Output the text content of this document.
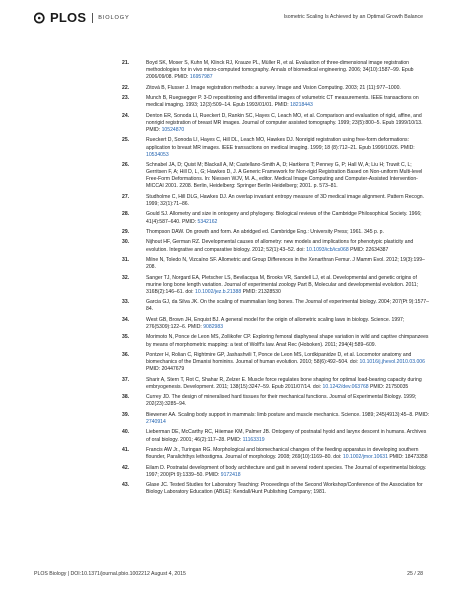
PLOS BIOLOGY	Isometric Scaling Is Achieved by an Optimal Growth Balance
21.	Boyd SK, Moser S, Kuhn M, Klinck RJ, Krauze PL, Müller R, et al. Evaluation of three-dimensional image registration methodologies for in vivo micro-computed tomography. Annals of biomedical engineering. 2006; 34(10):1587–99. Epub 2006/09/08. PMID: 16957987
22.	Zitová B, Flusser J. Image registration methods: a survey. Image and Vision Computing. 2003; 21 (11):977–1000.
23.	Munch B, Ruegsegger P. 3-D repositioning and differential images of volumetric CT measurements. IEEE transactions on medical imaging. 1993; 12(3):509–14. Epub 1993/01/01. PMID: 18218443
24.	Denton ER, Sonoda LI, Rueckert D, Rankin SC, Hayes C, Leach MO, et al. Comparison and evaluation of rigid, affine, and nonrigid registration of breast MR images. Journal of computer assisted tomography. 1999; 23(5):800–5. Epub 1999/10/13. PMID: 10524870
25.	Rueckert D, Sonoda LI, Hayes C, Hill DL, Leach MO, Hawkes DJ. Nonrigid registration using free-form deformations: application to breast MR images. IEEE transactions on medical imaging. 1999; 18 (8):712–21. Epub 1999/10/26. PMID: 10534053
26.	Schnabel JA, D; Quist M; Blackall A, M; Castellano-Smith A, D; Hartkens T; Penney G, P; Hall W, A; Liu H; Truwit C, L; Gerritsen F, A; Hill D, L, G; Hawkes D, J. A Generic Framework for Non-rigid Registration Based on Non-uniform Multi-level Free-Form Deformations. In: Niessen WJV, M. A., editor. Medical Image Computing and Computer-Assisted Intervention-MICCAI 2001. 2208. Berlin, Heidelberg: Springer Berlin Heidelberg; 2001. p. 573–81.
27.	Studholme C, Hill DLG, Hawkes DJ. An overlap invariant entropy measure of 3D medical image alignment. Pattern Recogn. 1999; 32(1):71–86.
28.	Gould SJ. Allometry and size in ontogeny and phylogeny. Biological reviews of the Cambridge Philosophical Society. 1966; 41(4):587–640. PMID: 5342162
29.	Thompson DAW. On growth and form. An abridged ed. Cambridge Eng.: University Press; 1961. 345 p. p.
30.	Nijhout HF, German RZ. Developmental causes of allometry: new models and implications for phenotypic plasticity and evolution. Integrative and comparative biology. 2012; 52(1):43–52. doi: 10.1093/icb/ics068 PMID: 22634387
31.	Milne N, Toledo N, Vizcaíno SF. Allometric and Group Differences in the Xenarthran Femur. J Mamm Evol. 2012; 19(3):199–208.
32.	Sanger TJ, Norgard EA, Pletscher LS, Bevilacqua M, Brooks VR, Sandell LJ, et al. Developmental and genetic origins of murine long bone length variation. Journal of experimental zoology Part B, Molecular and developmental evolution. 2011; 316B(2):146–61. doi: 10.1002/jez.b.21388 PMID: 21328530
33.	Garcia GJ, da Silva JK. On the scaling of mammalian long bones. The Journal of experimental biology. 2004; 207(Pt 9):1577–84.
34.	West GB, Brown JH, Enquist BJ. A general model for the origin of allometric scaling laws in biology. Science. 1997; 276(5309):122–6. PMID: 9082983
35.	Morimoto N, Ponce de Leon MS, Zollikofer CP. Exploring femoral diaphyseal shape variation in wild and captive chimpanzees by means of morphometric mapping: a test of Wolff's law. Anat Rec (Hoboken). 2011; 294(4):589–609.
36.	Pontzer H, Rolian C, Rightmire GP, Jashashvili T, Ponce de Leon MS, Lordkipanidze D, et al. Locomotor anatomy and biomechanics of the Dmanisi hominins. Journal of human evolution. 2010; 58(6):492–504. doi: 10.1016/j.jhevol.2010.03.006 PMID: 20447679
37.	Sharir A, Stern T, Rot C, Shahar R, Zelzer E. Muscle force regulates bone shaping for optimal load-bearing capacity during embryogenesis. Development. 2011; 138(15):3247–59. Epub 2011/07/14. doi: 10.1242/dev.063768 PMID: 21750035
38.	Currey JD. The design of mineralised hard tissues for their mechanical functions. Journal of Experimental Biology. 1999; 202(23):3285–94.
39.	Biewener AA. Scaling body support in mammals: limb posture and muscle mechanics. Science. 1989; 245(4913):45–8. PMID: 2740914
40.	Lieberman DE, McCarthy RC, Hiiemae KM, Palmer JB. Ontogeny of postnatal hyoid and larynx descent in humans. Archives of oral biology. 2001; 46(2):117–28. PMID: 11163319
41.	Francis AW Jr., Turingan RG. Morphological and biomechanical changes of the feeding apparatus in developing southern flounder, Paralichthys lethostigma. Journal of morphology. 2008; 269(10):1169–80. doi: 10.1002/jmor.10631 PMID: 18473358
42.	Eilam D. Postnatal development of body architecture and gait in several rodent species. The Journal of experimental biology. 1997; 200(Pt 9):1339–50. PMID: 9172418
43.	Glase JC. Tested Studies for Laboratory Teaching: Proceedings of the Second Workshop/Conference of the Association for Biology Laboratory Education (ABLE): Kendall/Hunt Publishing Company; 1981.
PLOS Biology | DOI:10.1371/journal.pbio.1002212 August 4, 2015	25 / 28
